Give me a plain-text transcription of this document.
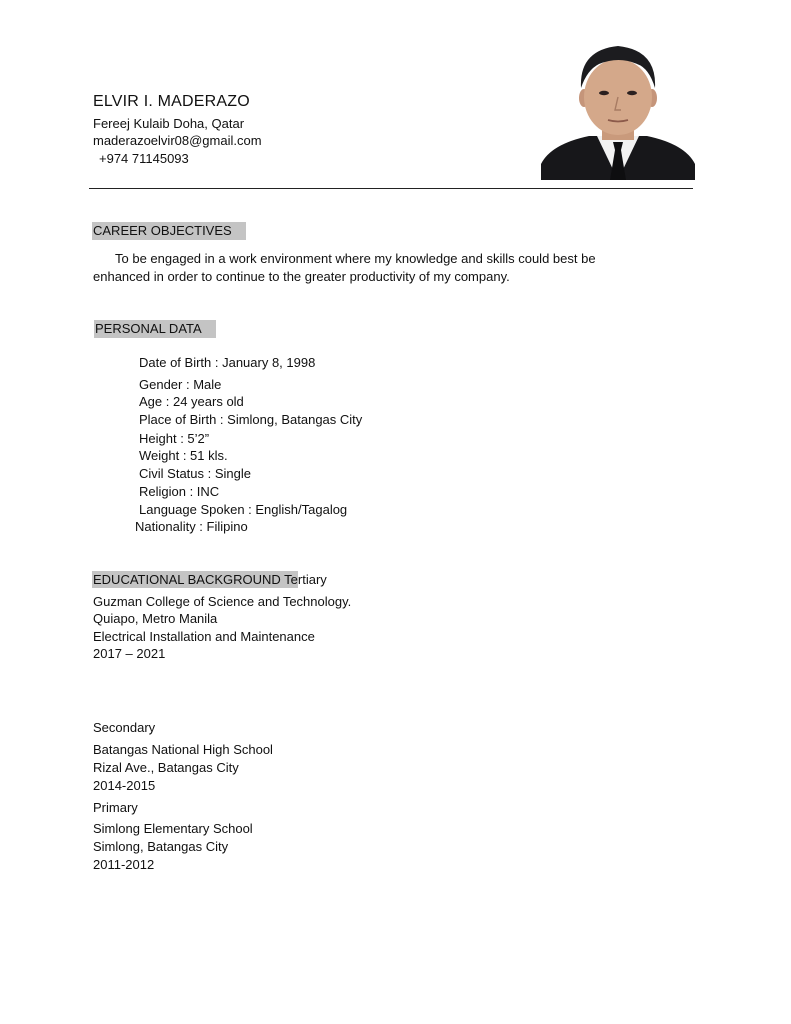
ELVIR I. MADERAZO
Fereej Kulaib Doha, Qatar
maderazoelvir08@gmail.com
+974 71145093
CAREER OBJECTIVES
To be engaged in a work environment where my knowledge and skills could best be
enhanced in order to continue to the greater productivity of my company.
PERSONAL DATA
Date of Birth : January 8, 1998
Gender : Male
Age : 24 years old
Place of Birth : Simlong, Batangas City
Height : 5’2”
Weight : 51 kls.
Civil Status : Single
Religion : INC
Language Spoken : English/Tagalog
Nationality : Filipino
EDUCATIONAL BACKGROUND Tertiary
Guzman College of Science and Technology.
Quiapo, Metro Manila
Electrical Installation and Maintenance
2017 – 2021
Secondary
Batangas National High School
Rizal Ave., Batangas City
2014-2015
Primary
Simlong Elementary School
Simlong, Batangas City
2011-2012
